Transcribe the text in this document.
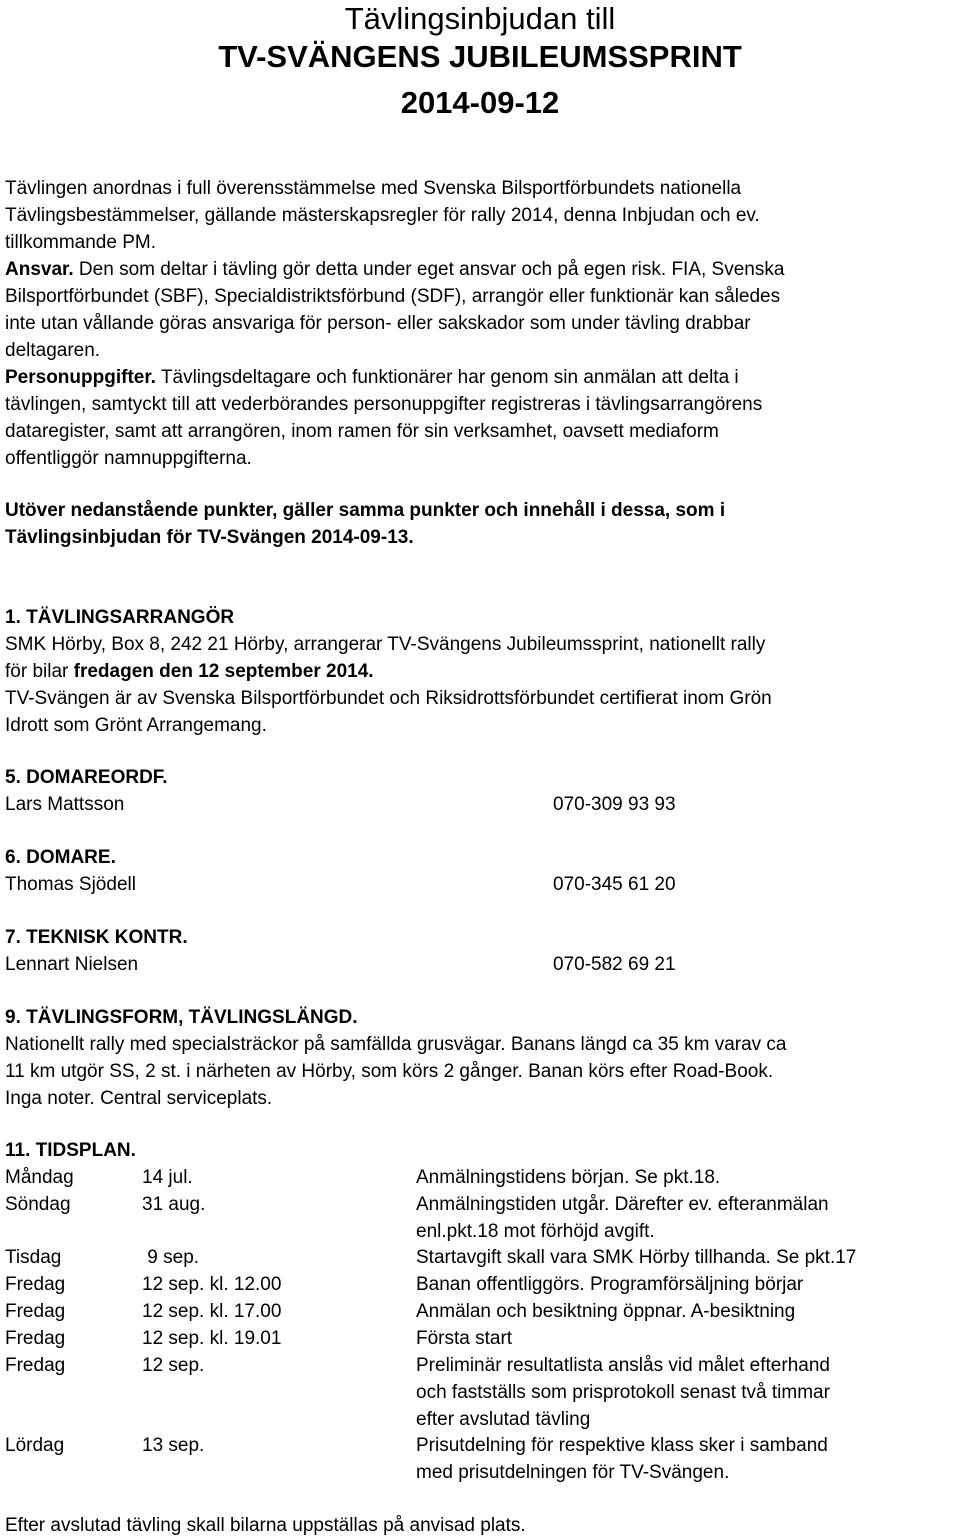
Tävlingsinbjudan till
TV-SVÄNGENS JUBILEUMSSPRINT
2014-09-12
Tävlingen anordnas i full överensstämmelse med Svenska Bilsportförbundets nationella
Tävlingsbestämmelser, gällande mästerskapsregler för rally 2014, denna Inbjudan och ev.
tillkommande PM.
Ansvar. Den som deltar i tävling gör detta under eget ansvar och på egen risk. FIA, Svenska
Bilsportförbundet (SBF), Specialdistriktsförbund (SDF), arrangör eller funktionär kan således
inte utan vållande göras ansvariga för person- eller sakskador som under tävling drabbar
deltagaren.
Personuppgifter. Tävlingsdeltagare och funktionärer har genom sin anmälan att delta i
tävlingen, samtyckt till att vederbörandes personuppgifter registreras i tävlingsarrangörens
dataregister, samt att arrangören, inom ramen för sin verksamhet, oavsett mediaform
offentliggör namnuppgifterna.
Utöver nedanstående punkter, gäller samma punkter och innehåll i dessa, som i
Tävlingsinbjudan för TV-Svängen 2014-09-13.
1. TÄVLINGSARRANGÖR
SMK Hörby, Box 8, 242 21 Hörby, arrangerar TV-Svängens Jubileumssprint, nationellt rally
för bilar fredagen den 12 september 2014.
TV-Svängen är av Svenska Bilsportförbundet och Riksidrottsförbundet certifierat inom Grön
Idrott som Grönt Arrangemang.
5. DOMAREORDF.
Lars Mattsson	070-309 93 93
6. DOMARE.
Thomas Sjödell	070-345 61 20
7. TEKNISK KONTR.
Lennart Nielsen	070-582 69 21
9. TÄVLINGSFORM, TÄVLINGSLÄNGD.
Nationellt rally med specialsträckor på samfällda grusvägar. Banans längd ca 35 km varav ca
11 km utgör SS, 2 st. i närheten av Hörby, som körs 2 gånger. Banan körs efter Road-Book.
Inga noter. Central serviceplats.
11. TIDSPLAN.
Måndag	14 jul.	Anmälningstidens början. Se pkt.18.
Söndag	31 aug.	Anmälningstiden utgår. Därefter ev. efteranmälan
enl.pkt.18 mot förhöjd avgift.
Tisdag	9 sep.	Startavgift skall vara SMK Hörby tillhanda. Se pkt.17
Fredag	12 sep. kl. 12.00	Banan offentliggörs. Programförsäljning börjar
Fredag	12 sep. kl. 17.00	Anmälan och besiktning öppnar. A-besiktning
Fredag	12 sep. kl. 19.01	Första start
Fredag	12 sep.	Preliminär resultatlista anslås vid målet efterhand
och fastställs som prisprotokoll senast två timmar
efter avslutad tävling
Lördag	13 sep.	Prisutdelning för respektive klass sker i samband
med prisutdelningen för TV-Svängen.
Efter avslutad tävling skall bilarna uppställas på anvisad plats.
